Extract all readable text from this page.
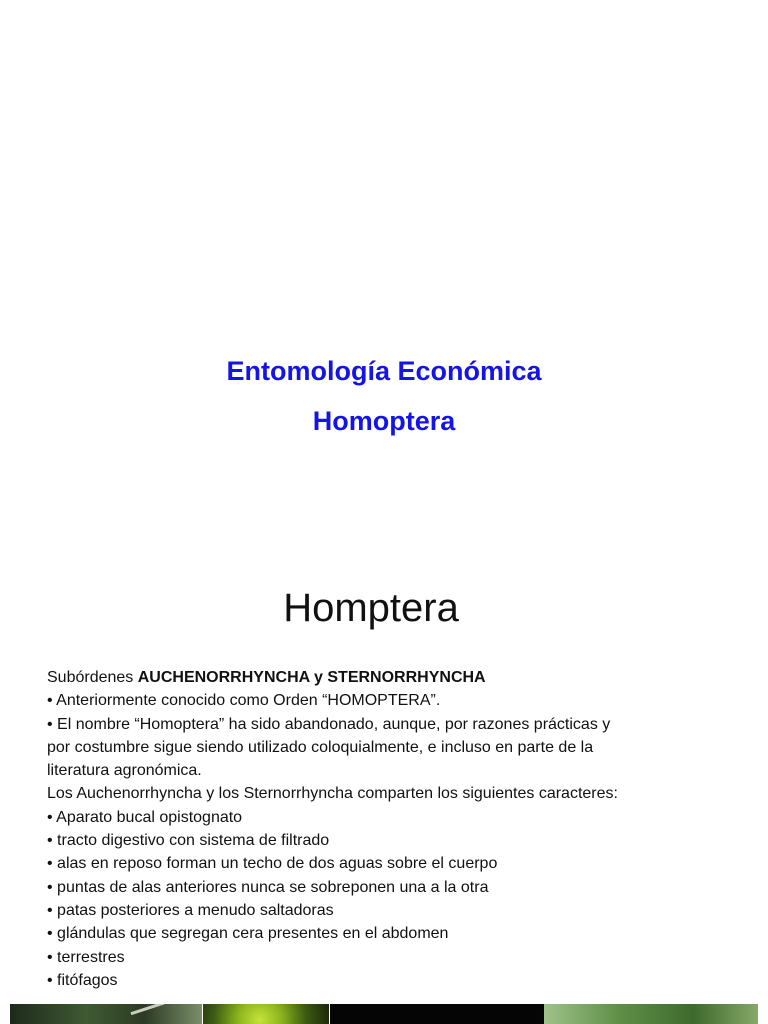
Entomología Económica
Homoptera
Homptera
Subórdenes AUCHENORRHYNCHA y STERNORRHYNCHA
• Anteriormente conocido como Orden “HOMOPTERA”.
• El nombre “Homoptera” ha sido abandonado, aunque, por razones prácticas y
por costumbre sigue siendo utilizado coloquialmente, e incluso en parte de la
literatura agronómica.
Los Auchenorrhyncha y los Sternorrhyncha comparten los siguientes caracteres:
• Aparato bucal opistognato
• tracto digestivo con sistema de filtrado
• alas en reposo forman un techo de dos aguas sobre el cuerpo
• puntas de alas anteriores nunca se sobreponen una a la otra
• patas posteriores a menudo saltadoras
• glándulas que segregan cera presentes en el abdomen
• terrestres
• fitófagos
